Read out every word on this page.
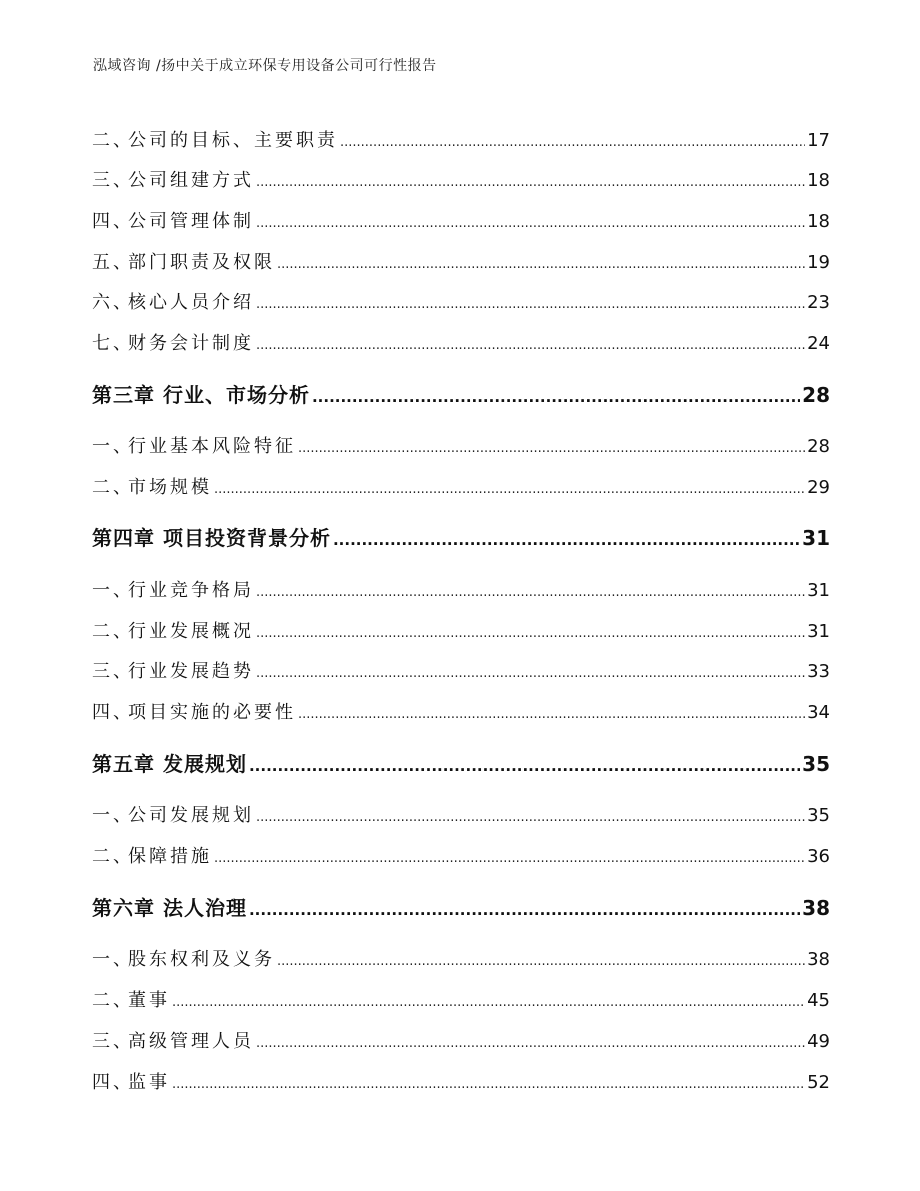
泓域咨询 /扬中关于成立环保专用设备公司可行性报告
二、公司的目标、主要职责 .....	17
三、公司组建方式 .....	18
四、公司管理体制 .....	18
五、部门职责及权限 .....	19
六、核心人员介绍 .....	23
七、财务会计制度 .....	24
第三章 行业、市场分析 .....	28
一、行业基本风险特征 .....	28
二、市场规模 .....	29
第四章 项目投资背景分析 .....	31
一、行业竞争格局 .....	31
二、行业发展概况 .....	31
三、行业发展趋势 .....	33
四、项目实施的必要性 .....	34
第五章 发展规划 .....	35
一、公司发展规划 .....	35
二、保障措施 .....	36
第六章 法人治理 .....	38
一、股东权利及义务 .....	38
二、董事 .....	45
三、高级管理人员 .....	49
四、监事 .....	52
